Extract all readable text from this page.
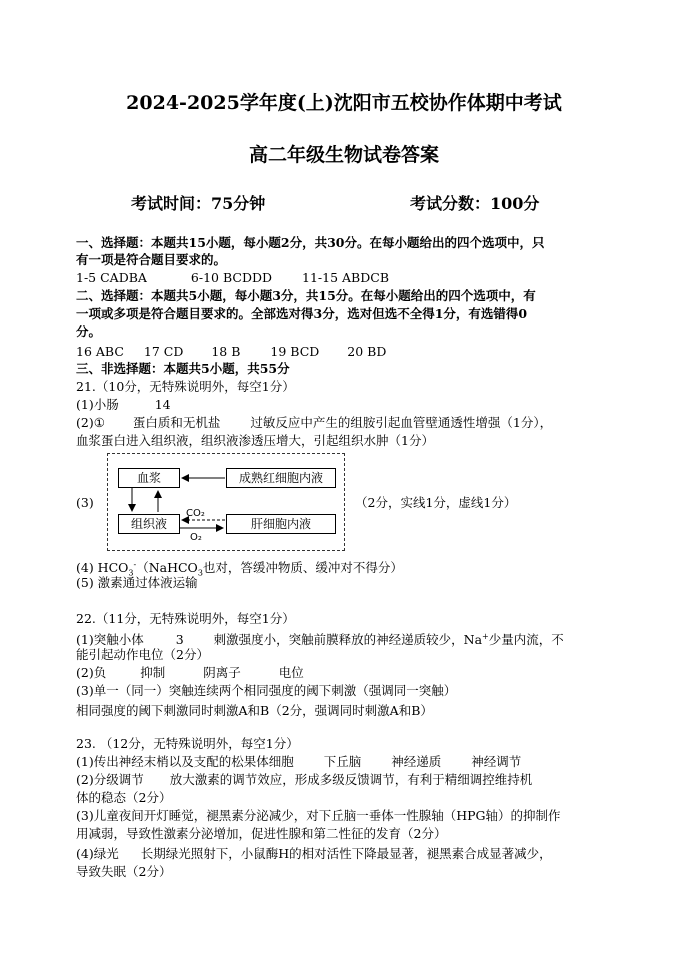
2024-2025学年度(上)沈阳市五校协作体期中考试
高二年级生物试卷答案
考试时间：75分钟	考试分数：100分
一、选择题：本题共15小题，每小题2分，共30分。在每小题给出的四个选项中，只
有一项是符合题目要求的。
1-5 CADBA	6-10 BCDDD 11-15 ABDCB
二、选择题：本题共5小题，每小题3分，共15分。在每小题给出的四个选项中，有
一项或多项是符合题目要求的。全部选对得3分，选对但选不全得1分，有选错得0
分。
16 ABC 17 CD 18 B 19 BCD 20 BD
三、非选择题：本题共5小题，共55分
21.（10分，无特殊说明外，每空1分）
(1)小肠	14
(2)① 蛋白质和无机盐 过敏反应中产生的组胺引起血管壁通透性增强（1分），
血浆蛋白进入组织液，组织液渗透压增大，引起组织水肿（1分）
(3)
血浆	成熟红细胞内液
组织液	肝细胞内液
CO₂
O₂
（2分，实线1分，虚线1分）
(4) $HCO_3^-(NaHCO_3$也对，答缓冲物质、缓冲对不得分）
(5) 激素通过体液运输
22.（11分，无特殊说明外，每空1分）
(1)突触小体	3 刺激强度小，突触前膜释放的神经递质较少，Na+少量内流，不
能引起动作电位（2分）
(2)负	抑制	阴离子	电位
(3)单一（同一）突触连续两个相同强度的阈下刺激（强调同一突触）
相同强度的阈下刺激同时刺激A和B（2分，强调同时刺激A和B）
23. （12分，无特殊说明外，每空1分）
(1)传出神经末梢以及支配的松果体细胞 下丘脑 神经递质 神经调节
(2)分级调节 放大激素的调节效应，形成多级反馈调节，有利于精细调控维持机
体的稳态（2分）
(3)儿童夜间开灯睡觉，褪黑素分泌减少，对下丘脑一垂体一性腺轴（HPG轴）的抑制作
用减弱，导致性激素分泌增加，促进性腺和第二性征的发育（2分）
(4)绿光 长期绿光照射下，小鼠酶H的相对活性下降最显著，褪黑素合成显著减少，
导致失眠（2分）
